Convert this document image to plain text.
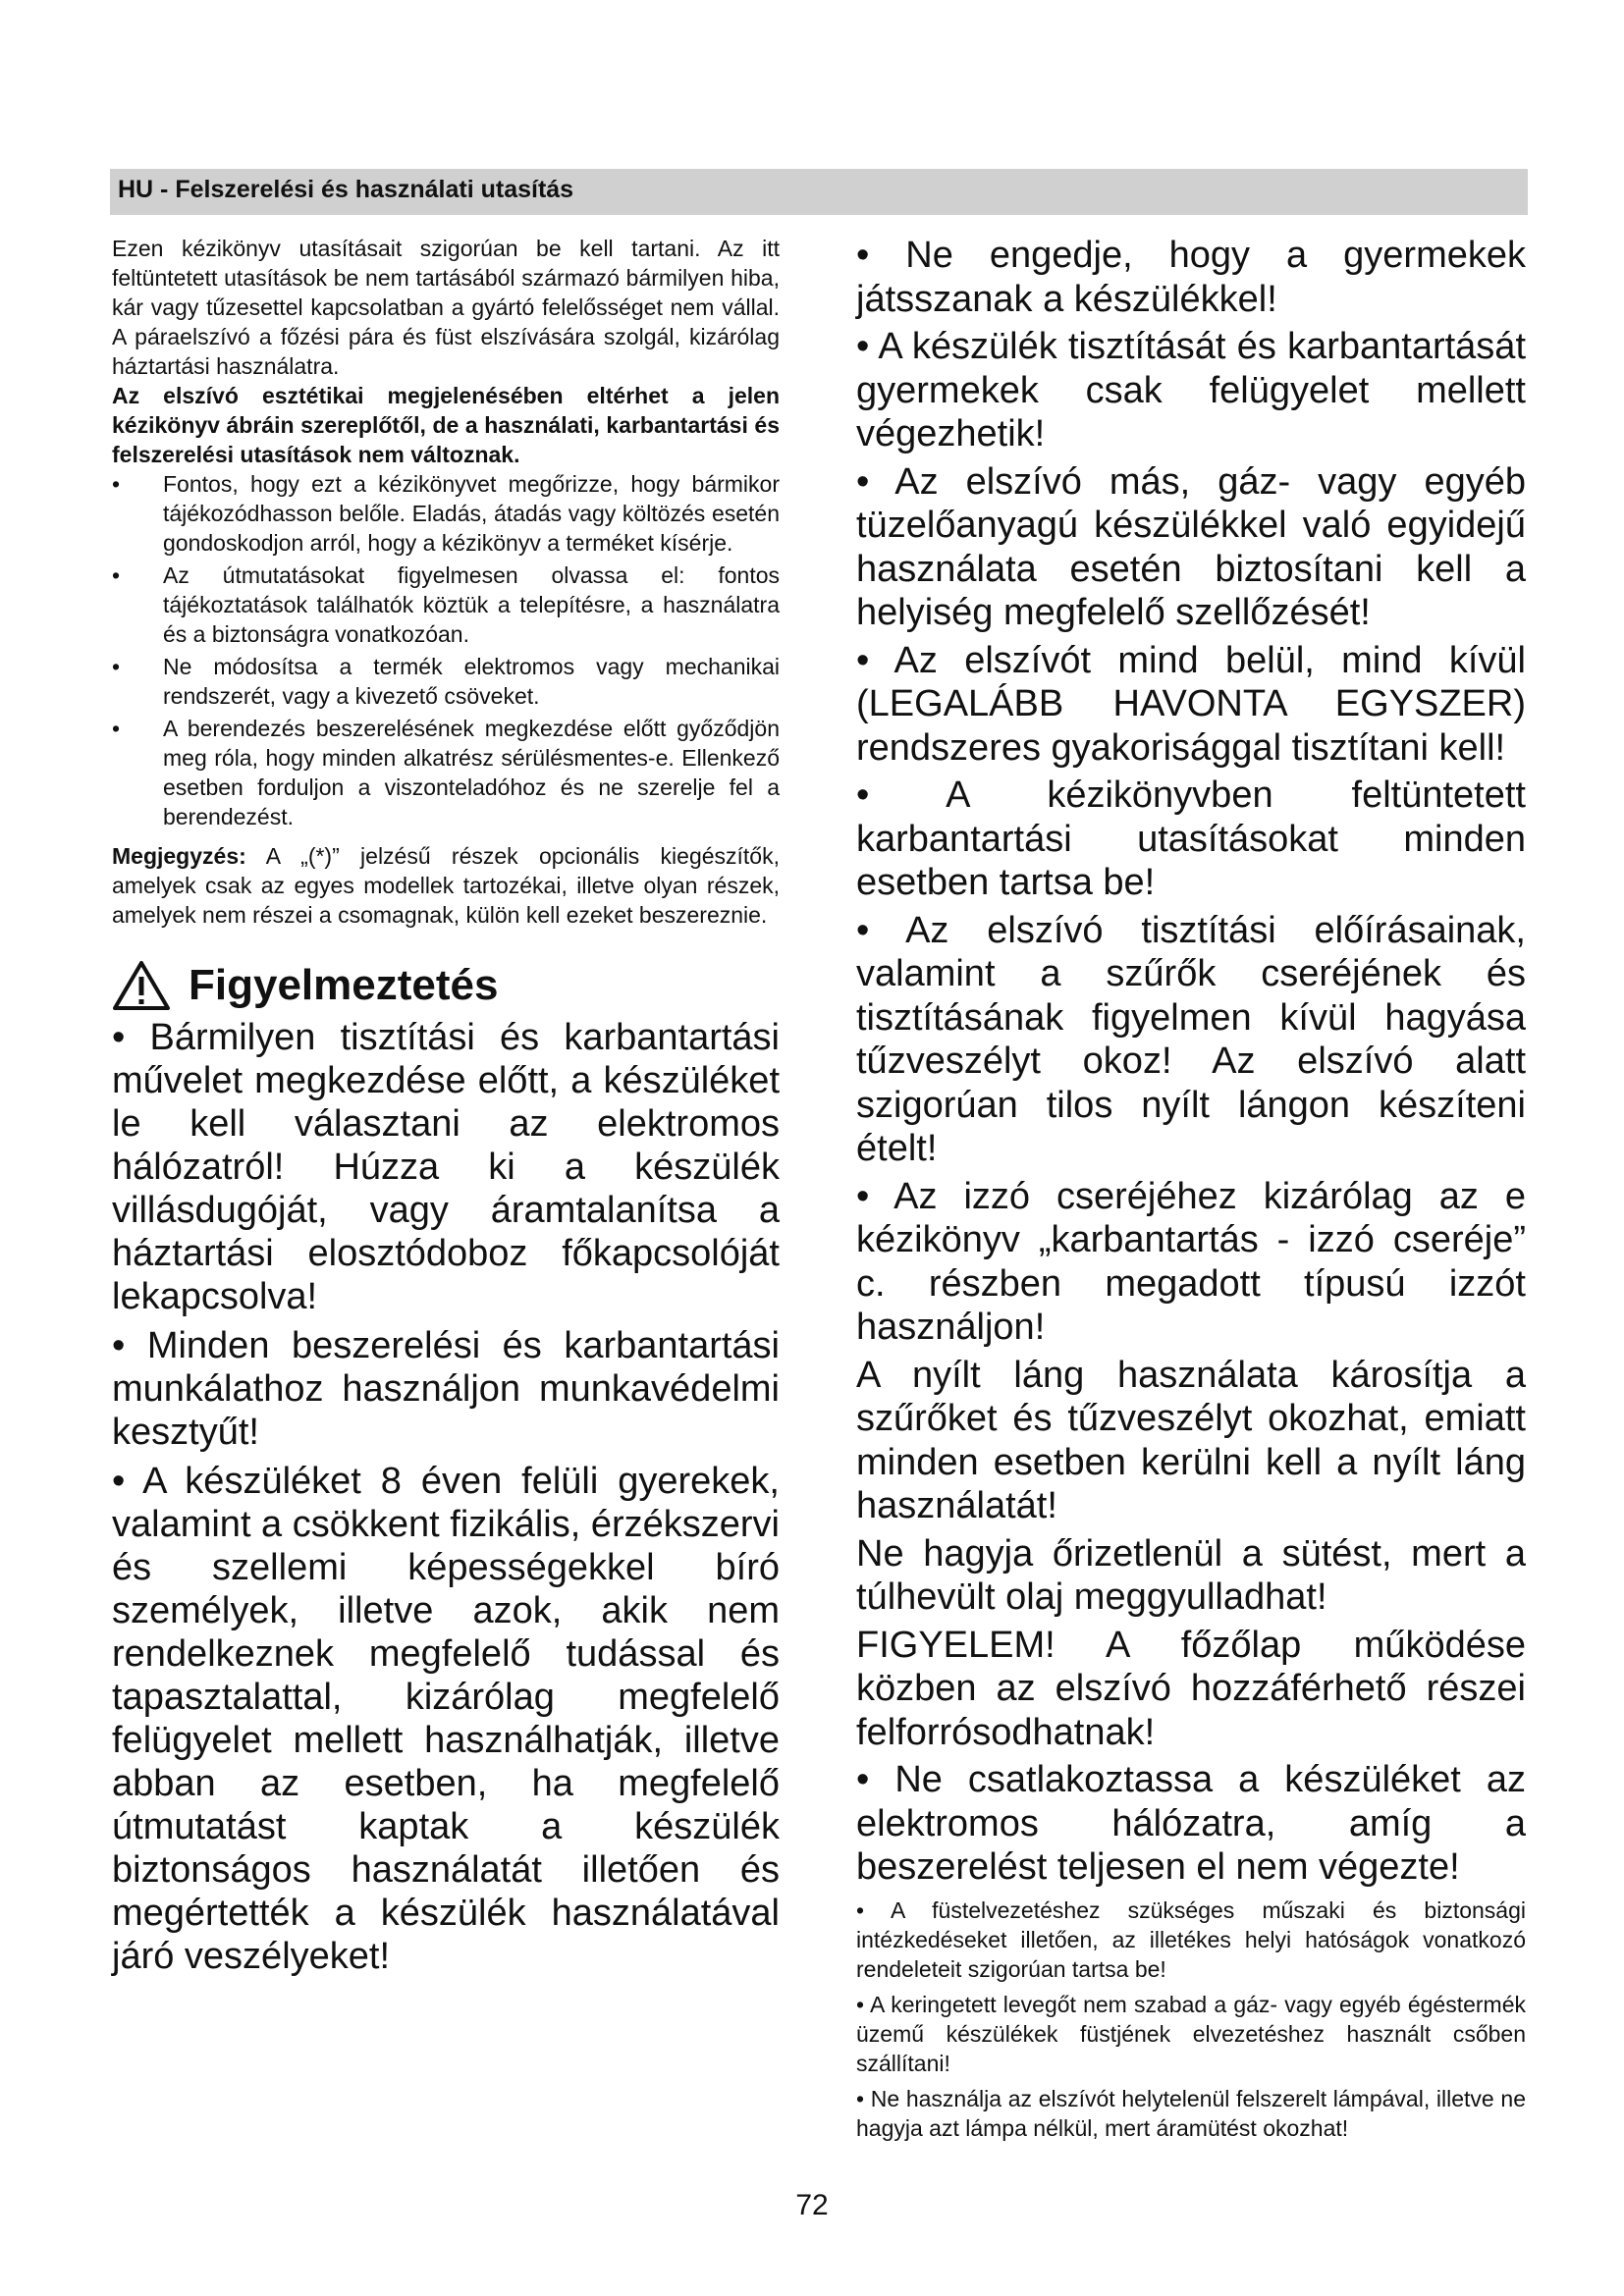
HU - Felszerelési és használati utasítás

Ezen kézikönyv utasításait szigorúan be kell tartani. Az itt feltüntetett utasítások be nem tartásából származó bármilyen hiba, kár vagy tűzesettel kapcsolatban a gyártó felelősséget nem vállal. A páraelszívó a főzési pára és füst elszívására szolgál, kizárólag háztartási használatra.

Az elszívó esztétikai megjelenésében eltérhet a jelen kézikönyv ábráin szereplőtől, de a használati, karbantartási és felszerelési utasítások nem változnak.

• Fontos, hogy ezt a kézikönyvet megőrizze, hogy bármikor tájékozódhasson belőle. Eladás, átadás vagy költözés esetén gondoskodjon arról, hogy a kézikönyv a terméket kísérje.
• Az útmutatásokat figyelmesen olvassa el: fontos tájékoztatások találhatók köztük a telepítésre, a használatra és a biztonságra vonatkozóan.
• Ne módosítsa a termék elektromos vagy mechanikai rendszerét, vagy a kivezető csöveket.
• A berendezés beszerelésének megkezdése előtt győződjön meg róla, hogy minden alkatrész sérülésmentes-e. Ellenkező esetben forduljon a viszonteladóhoz és ne szerelje fel a berendezést.

Megjegyzés: A „(*)” jelzésű részek opcionális kiegészítők, amelyek csak az egyes modellek tartozékai, illetve olyan részek, amelyek nem részei a csomagnak, külön kell ezeket beszereznie.

Figyelmeztetés

• Bármilyen tisztítási és karbantartási művelet megkezdése előtt, a készüléket le kell választani az elektromos hálózatról! Húzza ki a készülék villásdugóját, vagy áramtalanítsa a háztartási elosztódoboz főkapcsolóját lekapcsolva!

• Minden beszerelési és karbantartási munkálathoz használjon munkavédelmi kesztyűt!

• A készüléket 8 éven felüli gyerekek, valamint a csökkent fizikális, érzékszervi és szellemi képességekkel bíró személyek, illetve azok, akik nem rendelkeznek megfelelő tudással és tapasztalattal, kizárólag megfelelő felügyelet mellett használhatják, illetve abban az esetben, ha megfelelő útmutatást kaptak a készülék biztonságos használatát illetően és megértették a készülék használatával járó veszélyeket!

• Ne engedje, hogy a gyermekek játsszanak a készülékkel!

• A készülék tisztítását és karbantartását gyermekek csak felügyelet mellett végezhetik!

• Az elszívó más, gáz- vagy egyéb tüzelőanyagú készülékkel való egyidejű használata esetén biztosítani kell a helyiség megfelelő szellőzését!

• Az elszívót mind belül, mind kívül (LEGALÁBB HAVONTA EGYSZER) rendszeres gyakorisággal tisztítani kell!

• A kézikönyvben feltüntetett karbantartási utasításokat minden esetben tartsa be!

• Az elszívó tisztítási előírásainak, valamint a szűrők cseréjének és tisztításának figyelmen kívül hagyása tűzveszélyt okoz! Az elszívó alatt szigorúan tilos nyílt lángon készíteni ételt!

• Az izzó cseréjéhez kizárólag az e kézikönyv „karbantartás - izzó cseréje” c. részben megadott típusú izzót használjon!

A nyílt láng használata károsítja a szűrőket és tűzveszélyt okozhat, emiatt minden esetben kerülni kell a nyílt láng használatát!

Ne hagyja őrizetlenül a sütést, mert a túlhevült olaj meggyulladhat!

FIGYELEM! A főzőlap működése közben az elszívó hozzáférhető részei felforrósodhatnak!

• Ne csatlakoztassa a készüléket az elektromos hálózatra, amíg a beszerelést teljesen el nem végezte!

• A füstelvezetéshez szükséges műszaki és biztonsági intézkedéseket illetően, az illetékes helyi hatóságok vonatkozó rendeleteit szigorúan tartsa be!

• A keringetett levegőt nem szabad a gáz- vagy egyéb égéstermék üzemű készülékek füstjének elvezetéshez használt csőben szállítani!

• Ne használja az elszívót helytelenül felszerelt lámpával, illetve ne hagyja azt lámpa nélkül, mert áramütést okozhat!

72
